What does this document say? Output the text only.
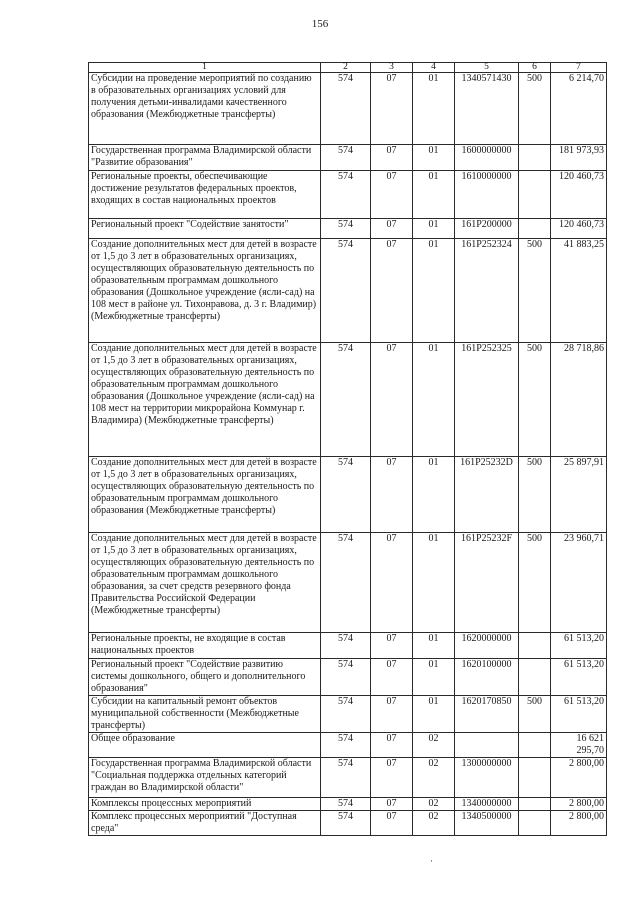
156
1	2	3	4	5	6	7
Субсидии на проведение мероприятий по созданию в образовательных организациях условий для получения детьми-инвалидами качественного образования (Межбюджетные трансферты)	574	07	01	1340571430	500	6 214,70
Государственная программа Владимирской области "Развитие образования"	574	07	01	1600000000		181 973,93
Региональные проекты, обеспечивающие достижение результатов федеральных проектов, входящих в состав национальных проектов	574	07	01	1610000000		120 460,73
Региональный проект "Содействие занятости"	574	07	01	161P200000		120 460,73
Создание дополнительных мест для детей в возрасте от 1,5 до 3 лет в образовательных организациях, осуществляющих образовательную деятельность по образовательным программам дошкольного образования (Дошкольное учреждение (ясли-сад) на 108 мест в районе ул. Тихонравова, д. 3 г. Владимир) (Межбюджетные трансферты)	574	07	01	161P252324	500	41 883,25
Создание дополнительных мест для детей в возрасте от 1,5 до 3 лет в образовательных организациях, осуществляющих образовательную деятельность по образовательным программам дошкольного образования (Дошкольное учреждение (ясли-сад) на 108 мест на территории микрорайона Коммунар г. Владимира) (Межбюджетные трансферты)	574	07	01	161P252325	500	28 718,86
Создание дополнительных мест для детей в возрасте от 1,5 до 3 лет в образовательных организациях, осуществляющих образовательную деятельность по образовательным программам дошкольного образования (Межбюджетные трансферты)	574	07	01	161P25232D	500	25 897,91
Создание дополнительных мест для детей в возрасте от 1,5 до 3 лет в образовательных организациях, осуществляющих образовательную деятельность по образовательным программам дошкольного образования, за счет средств резервного фонда Правительства Российской Федерации (Межбюджетные трансферты)	574	07	01	161P25232F	500	23 960,71
Региональные проекты, не входящие в состав национальных проектов	574	07	01	1620000000		61 513,20
Региональный проект "Содействие развитию системы дошкольного, общего и дополнительного образования"	574	07	01	1620100000		61 513,20
Субсидии на капитальный ремонт объектов муниципальной собственности (Межбюджетные трансферты)	574	07	01	1620170850	500	61 513,20
Общее образование	574	07	02			16 621 295,70
Государственная программа Владимирской области "Социальная поддержка отдельных категорий граждан во Владимирской области"	574	07	02	1300000000		2 800,00
Комплексы процессных мероприятий	574	07	02	1340000000		2 800,00
Комплекс процессных мероприятий "Доступная среда"	574	07	02	1340500000		2 800,00
·
